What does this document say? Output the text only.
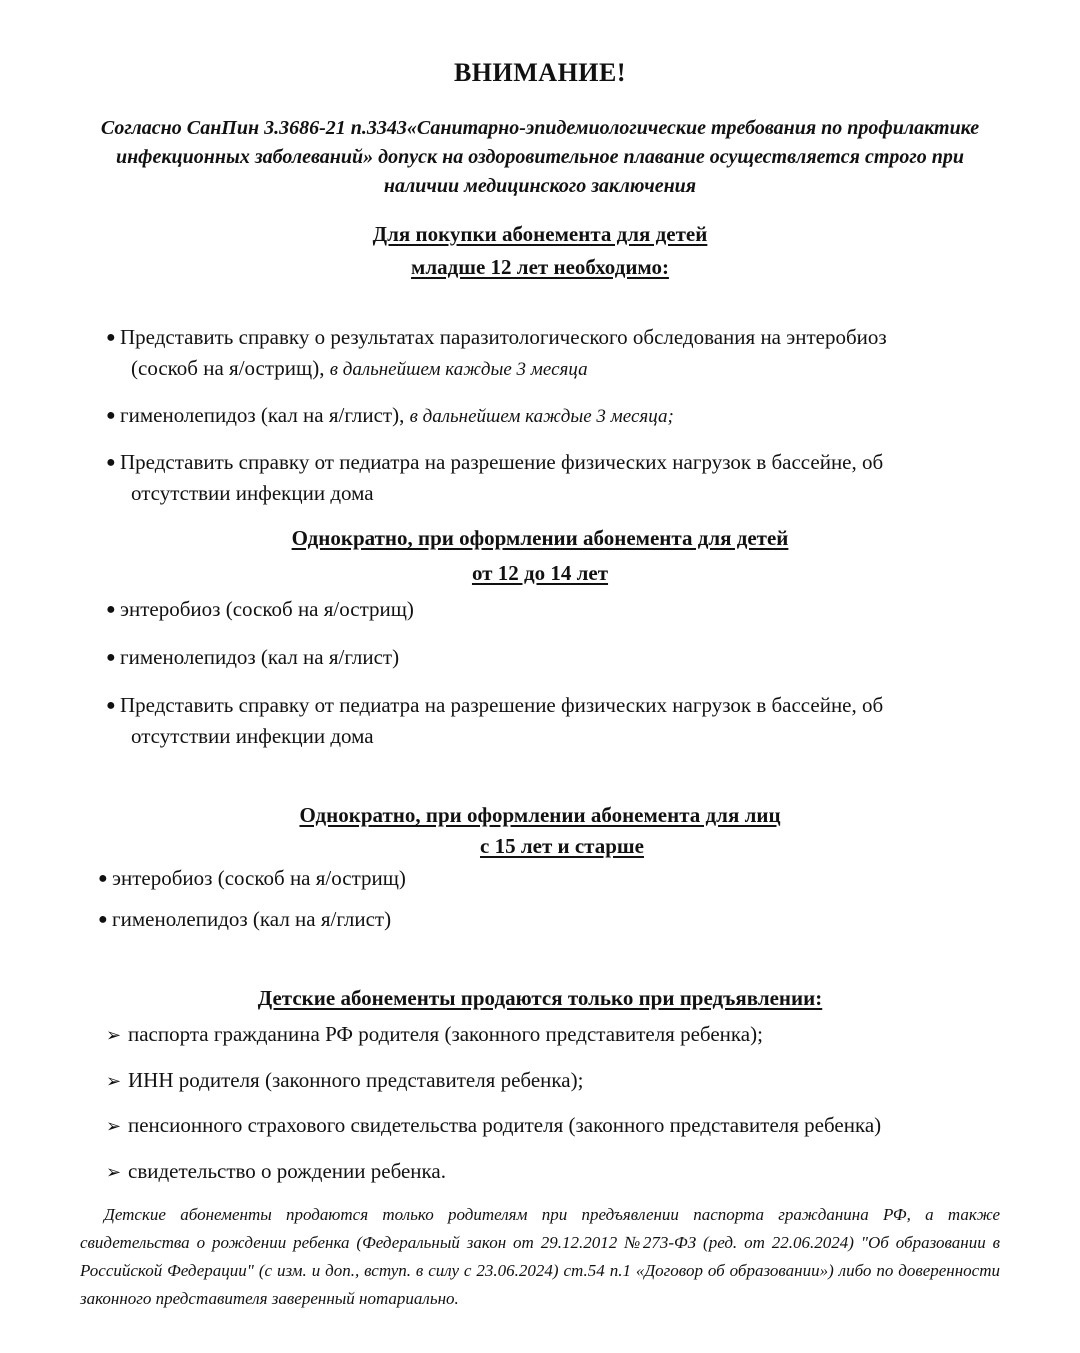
ВНИМАНИЕ!
Согласно СанПин 3.3686-21 п.3343«Санитарно-эпидемиологические требования по профилактике инфекционных заболеваний» допуск на оздоровительное плавание осуществляется строго при наличии медицинского заключения
Для покупки абонемента для детей
младше 12 лет необходимо:
● Представить справку о результатах паразитологического обследования на энтеробиоз
(соскоб на я/острищ), в дальнейшем каждые 3 месяца
● гименолепидоз (кал на я/глист), в дальнейшем каждые 3 месяца;
● Представить справку от педиатра на разрешение физических нагрузок в бассейне, об
отсутствии инфекции дома
Однократно, при оформлении абонемента для детей
от 12 до 14 лет
● энтеробиоз (соскоб на я/острищ)
● гименолепидоз (кал на я/глист)
● Представить справку от педиатра на разрешение физических нагрузок в бассейне, об
отсутствии инфекции дома
Однократно, при оформлении абонемента для лиц
с 15 лет и старше
● энтеробиоз (соскоб на я/острищ)
● гименолепидоз (кал на я/глист)
Детские абонементы продаются только при предъявлении:
➢ паспорта гражданина РФ родителя (законного представителя ребенка);
➢ ИНН родителя (законного представителя ребенка);
➢ пенсионного страхового свидетельства родителя (законного представителя ребенка)
➢ свидетельство о рождении ребенка.
Детские абонементы продаются только родителям при предъявлении паспорта гражданина РФ, а также свидетельства о рождении ребенка (Федеральный закон от 29.12.2012 №273-ФЗ (ред. от 22.06.2024) "Об образовании в Российской Федерации" (с изм. и доп., вступ. в силу с 23.06.2024) ст.54 п.1 «Договор об образовании») либо по доверенности законного представителя заверенный нотариально.
